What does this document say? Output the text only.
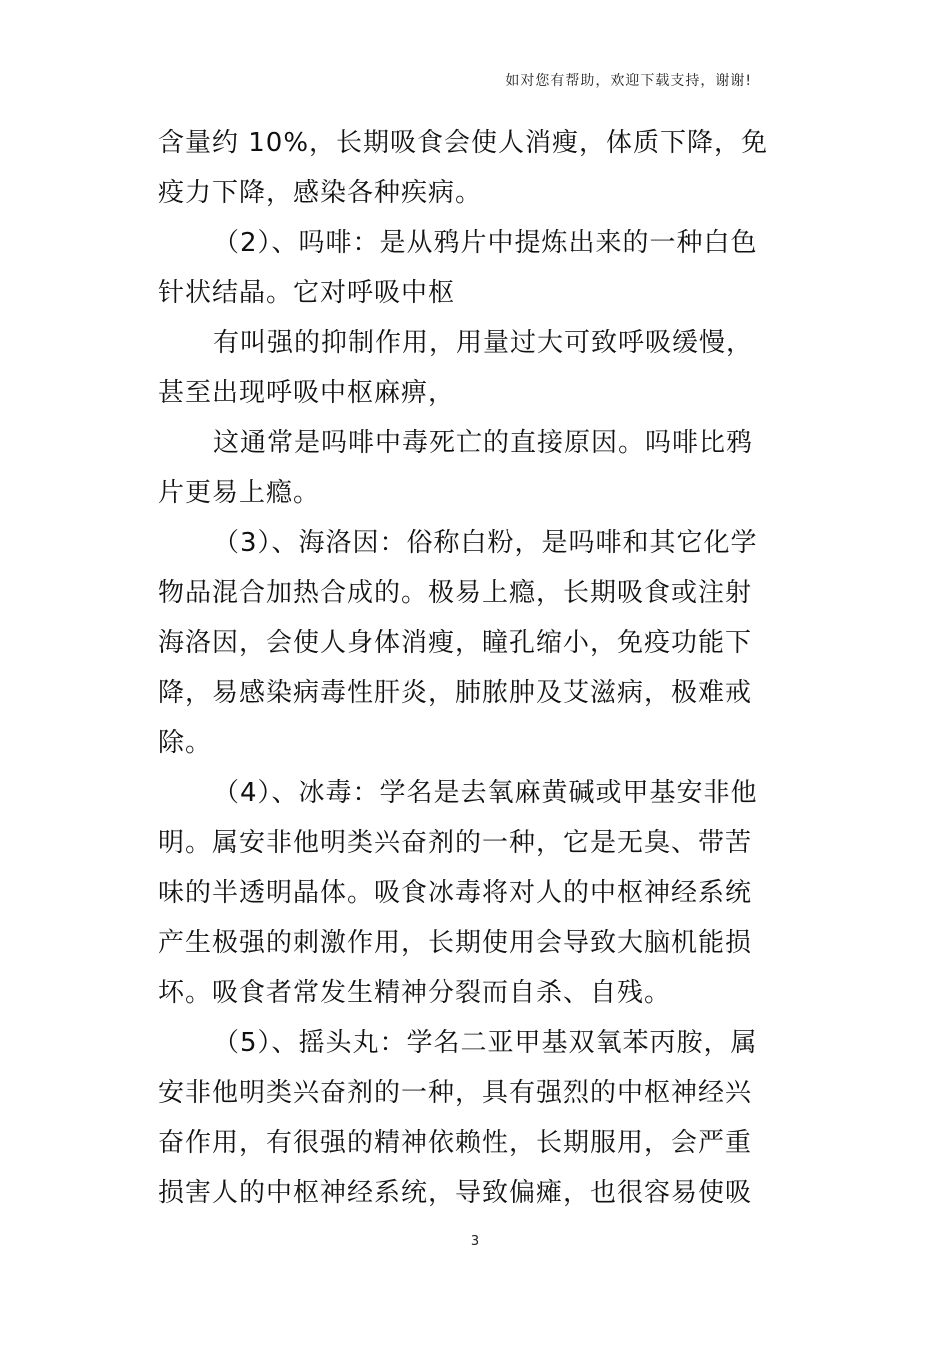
如对您有帮助，欢迎下载支持，谢谢!
含量约 10%，长期吸食会使人消瘦，体质下降，免
疫力下降，感染各种疾病。
（2）、吗啡：是从鸦片中提炼出来的一种白色
针状结晶。它对呼吸中枢
有叫强的抑制作用，用量过大可致呼吸缓慢，
甚至出现呼吸中枢麻痹，
这通常是吗啡中毒死亡的直接原因。吗啡比鸦
片更易上瘾。
（3）、海洛因：俗称白粉，是吗啡和其它化学
物品混合加热合成的。极易上瘾，长期吸食或注射
海洛因，会使人身体消瘦，瞳孔缩小，免疫功能下
降，易感染病毒性肝炎，肺脓肿及艾滋病，极难戒
除。
（4）、冰毒：学名是去氧麻黄碱或甲基安非他
明。属安非他明类兴奋剂的一种，它是无臭、带苦
味的半透明晶体。吸食冰毒将对人的中枢神经系统
产生极强的刺激作用，长期使用会导致大脑机能损
坏。吸食者常发生精神分裂而自杀、自残。
（5）、摇头丸：学名二亚甲基双氧苯丙胺，属
安非他明类兴奋剂的一种，具有强烈的中枢神经兴
奋作用，有很强的精神依赖性，长期服用，会严重
损害人的中枢神经系统，导致偏瘫，也很容易使吸
3
